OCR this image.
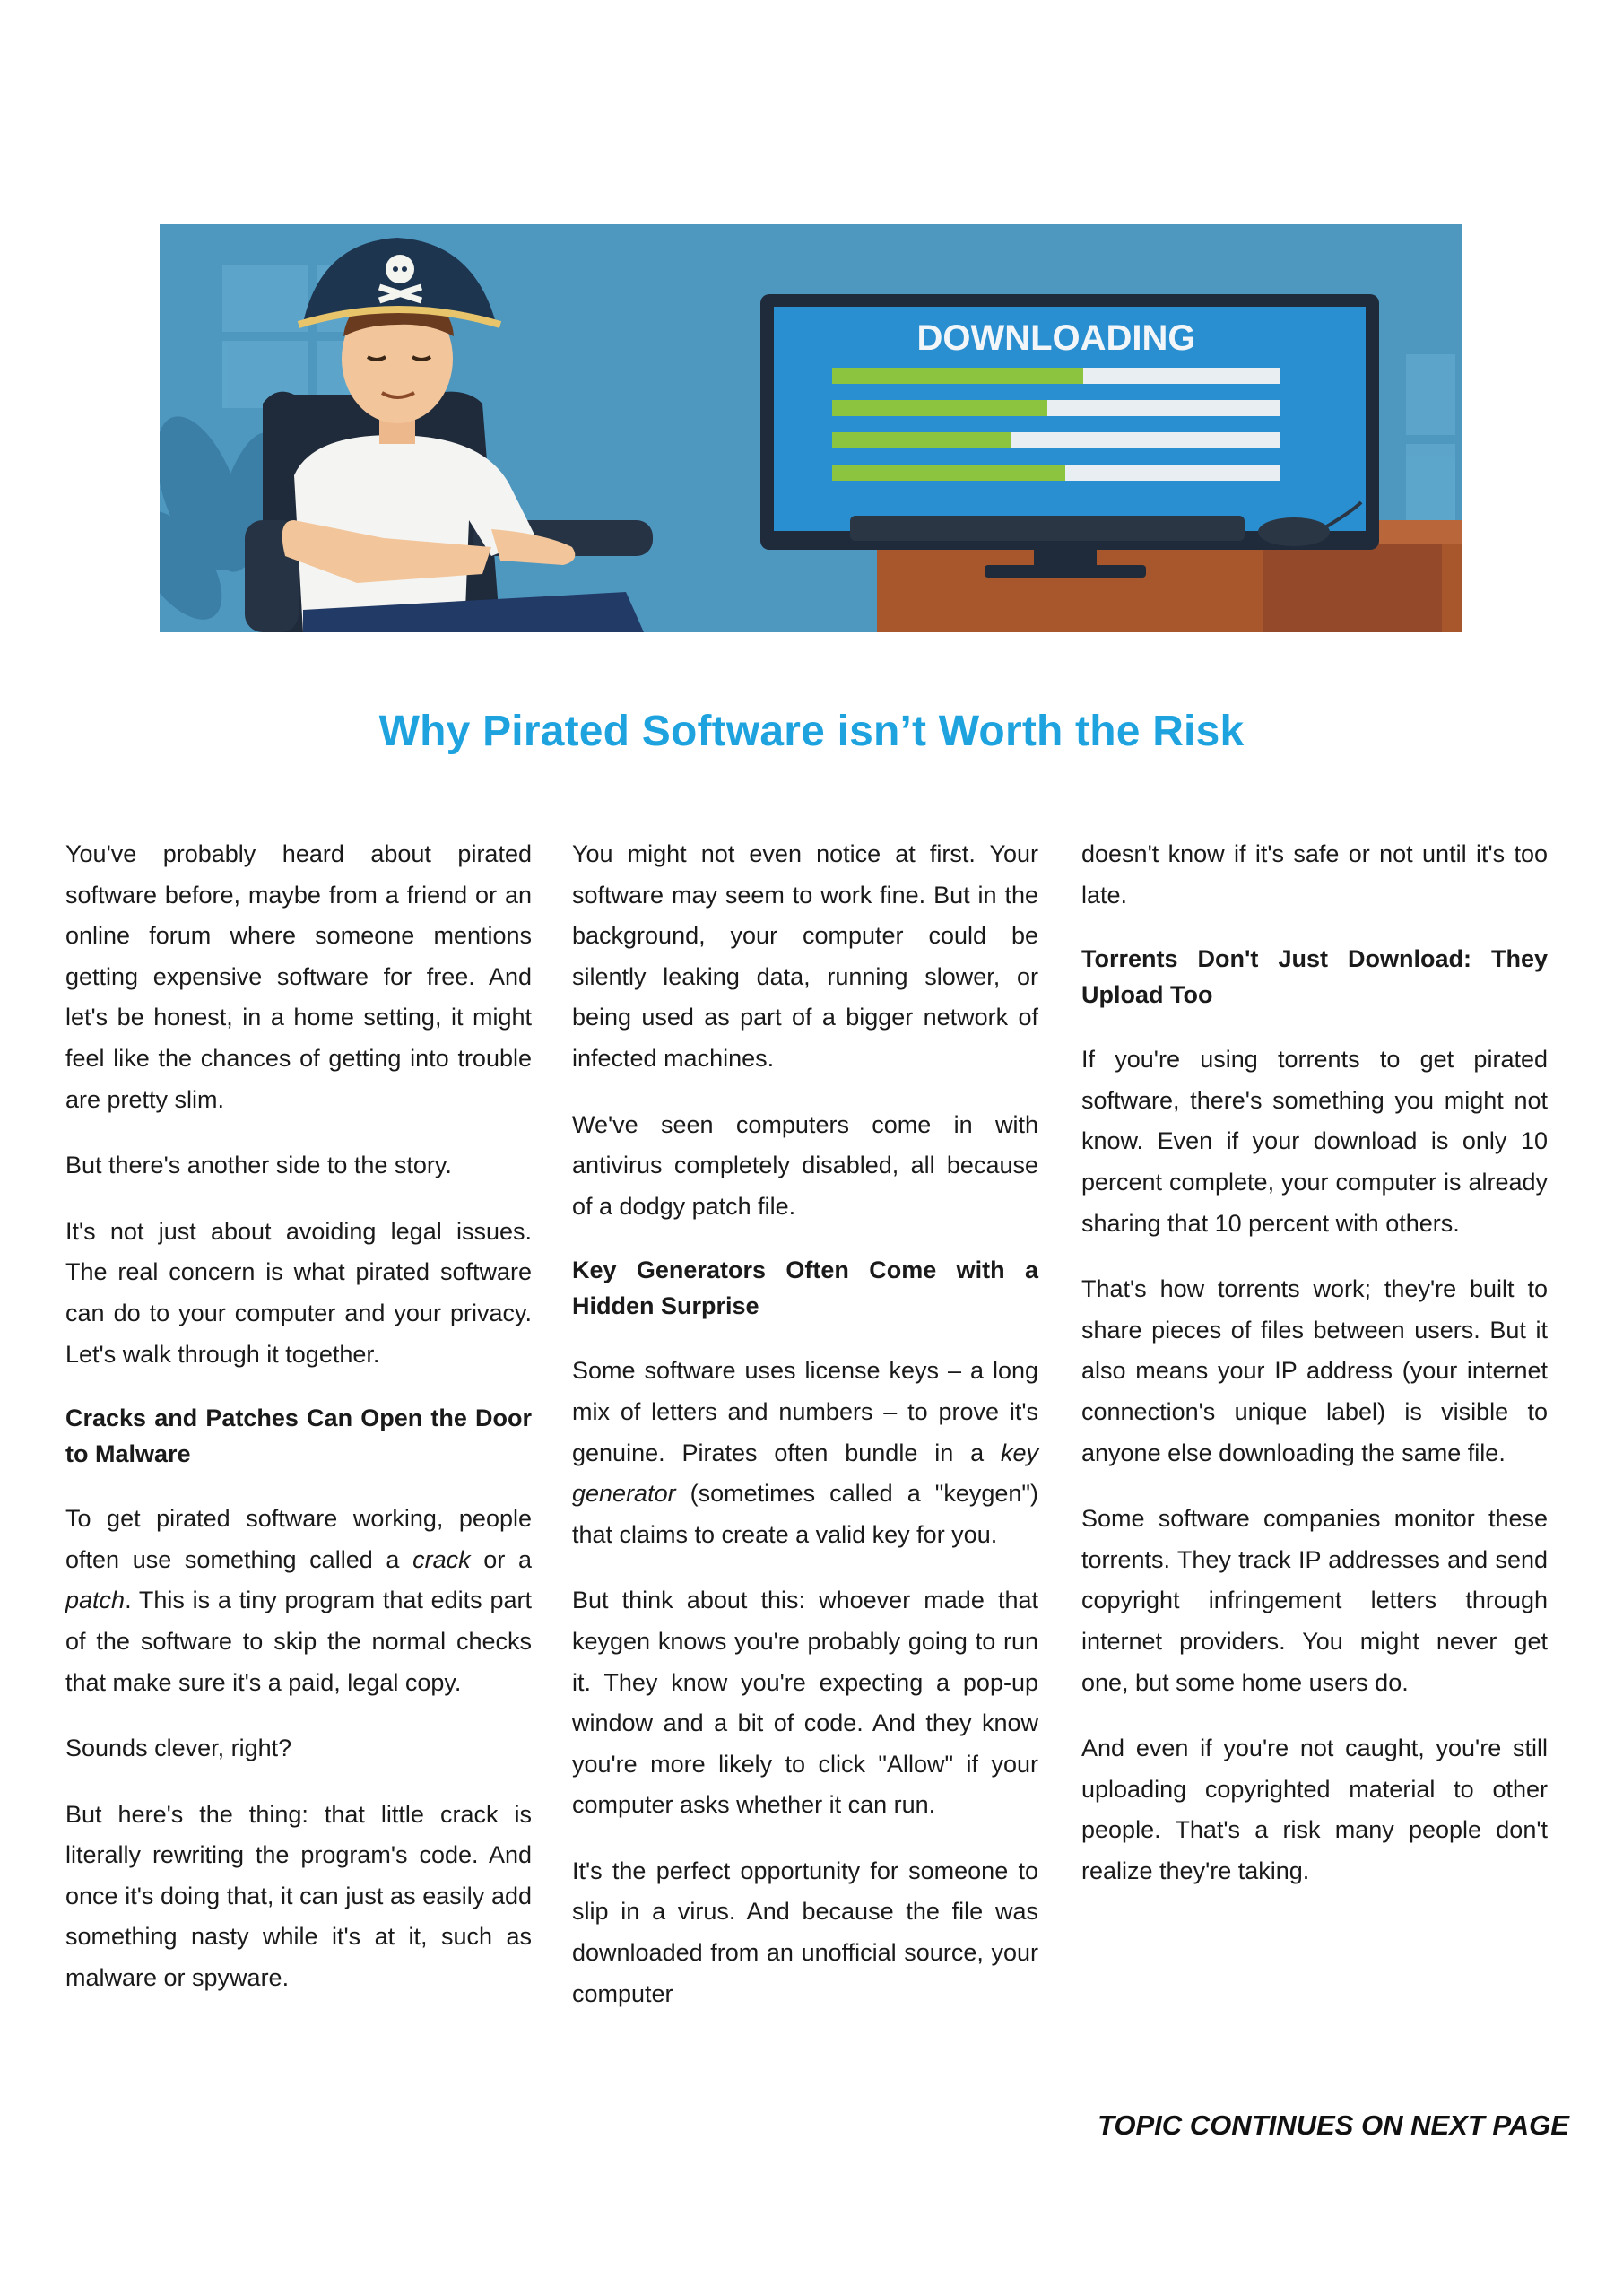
DOWNLOADING
Why Pirated Software isn’t Worth the Risk

You've probably heard about pirated software before, maybe from a friend or an online forum where someone mentions getting expensive software for free. And let's be honest, in a home setting, it might feel like the chances of getting into trouble are pretty slim.

But there's another side to the story.

It's not just about avoiding legal issues. The real concern is what pirated software can do to your computer and your privacy. Let's walk through it together.

Cracks and Patches Can Open the Door to Malware

To get pirated software working, people often use something called a crack or a patch. This is a tiny program that edits part of the software to skip the normal checks that make sure it's a paid, legal copy.

Sounds clever, right?

But here's the thing: that little crack is literally rewriting the program's code. And once it's doing that, it can just as easily add something nasty while it's at it, such as malware or spyware.

You might not even notice at first. Your software may seem to work fine. But in the background, your computer could be silently leaking data, running slower, or being used as part of a bigger network of infected machines.

We've seen computers come in with antivirus completely disabled, all because of a dodgy patch file.

Key Generators Often Come with a Hidden Surprise

Some software uses license keys – a long mix of letters and numbers – to prove it's genuine. Pirates often bundle in a key generator (sometimes called a "keygen") that claims to create a valid key for you.

But think about this: whoever made that keygen knows you're probably going to run it. They know you're expecting a pop-up window and a bit of code. And they know you're more likely to click "Allow" if your computer asks whether it can run.

It's the perfect opportunity for someone to slip in a virus. And because the file was downloaded from an unofficial source, your computer

doesn't know if it's safe or not until it's too late.

Torrents Don't Just Download: They Upload Too

If you're using torrents to get pirated software, there's something you might not know. Even if your download is only 10 percent complete, your computer is already sharing that 10 percent with others.

That's how torrents work; they're built to share pieces of files between users. But it also means your IP address (your internet connection's unique label) is visible to anyone else downloading the same file.

Some software companies monitor these torrents. They track IP addresses and send copyright infringement letters through internet providers. You might never get one, but some home users do.

And even if you're not caught, you're still uploading copyrighted material to other people. That's a risk many people don't realize they're taking.

TOPIC CONTINUES ON NEXT PAGE
